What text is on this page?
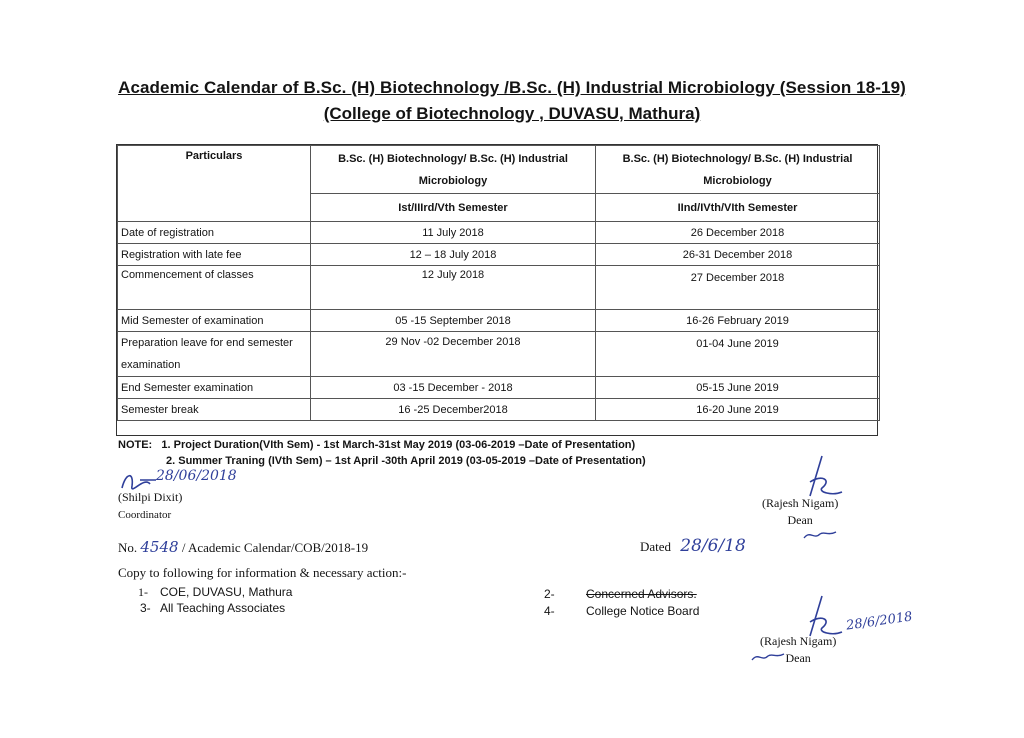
Academic Calendar of B.Sc. (H) Biotechnology /B.Sc. (H) Industrial Microbiology (Session 18-19)
(College of Biotechnology , DUVASU, Mathura)
Particulars	B.Sc. (H) Biotechnology/ B.Sc. (H) Industrial Microbiology	B.Sc. (H) Biotechnology/ B.Sc. (H) Industrial Microbiology
	Ist/IIIrd/Vth Semester	IInd/IVth/VIth Semester
Date of registration	11 July 2018	26 December 2018
Registration with late fee	12 – 18 July 2018	26-31 December 2018
Commencement of classes	12 July 2018	27 December 2018
Mid Semester of examination	05 -15 September 2018	16-26 February 2019
Preparation leave for end semester examination	29 Nov -02 December 2018	01-04 June 2019
End Semester examination	03 -15 December - 2018	05-15 June 2019
Semester break	16 -25 December2018	16-20 June 2019
NOTE: 1. Project Duration(VIth Sem) - 1st March-31st May 2019 (03-06-2019 –Date of Presentation)
2. Summer Traning (IVth Sem) – 1st April -30th April 2019 (03-05-2019 –Date of Presentation)
28/06/2018
(Shilpi Dixit)
Coordinator
(Rajesh Nigam)
Dean
No. 4548 / Academic Calendar/COB/2018-19	Dated 28/6/18
Copy to following for information & necessary action:-
1- COE, DUVASU, Mathura	2-	Concerned Advisors.
3- All Teaching Associates	4-	College Notice Board	28/6/2018
(Rajesh Nigam)
Dean
